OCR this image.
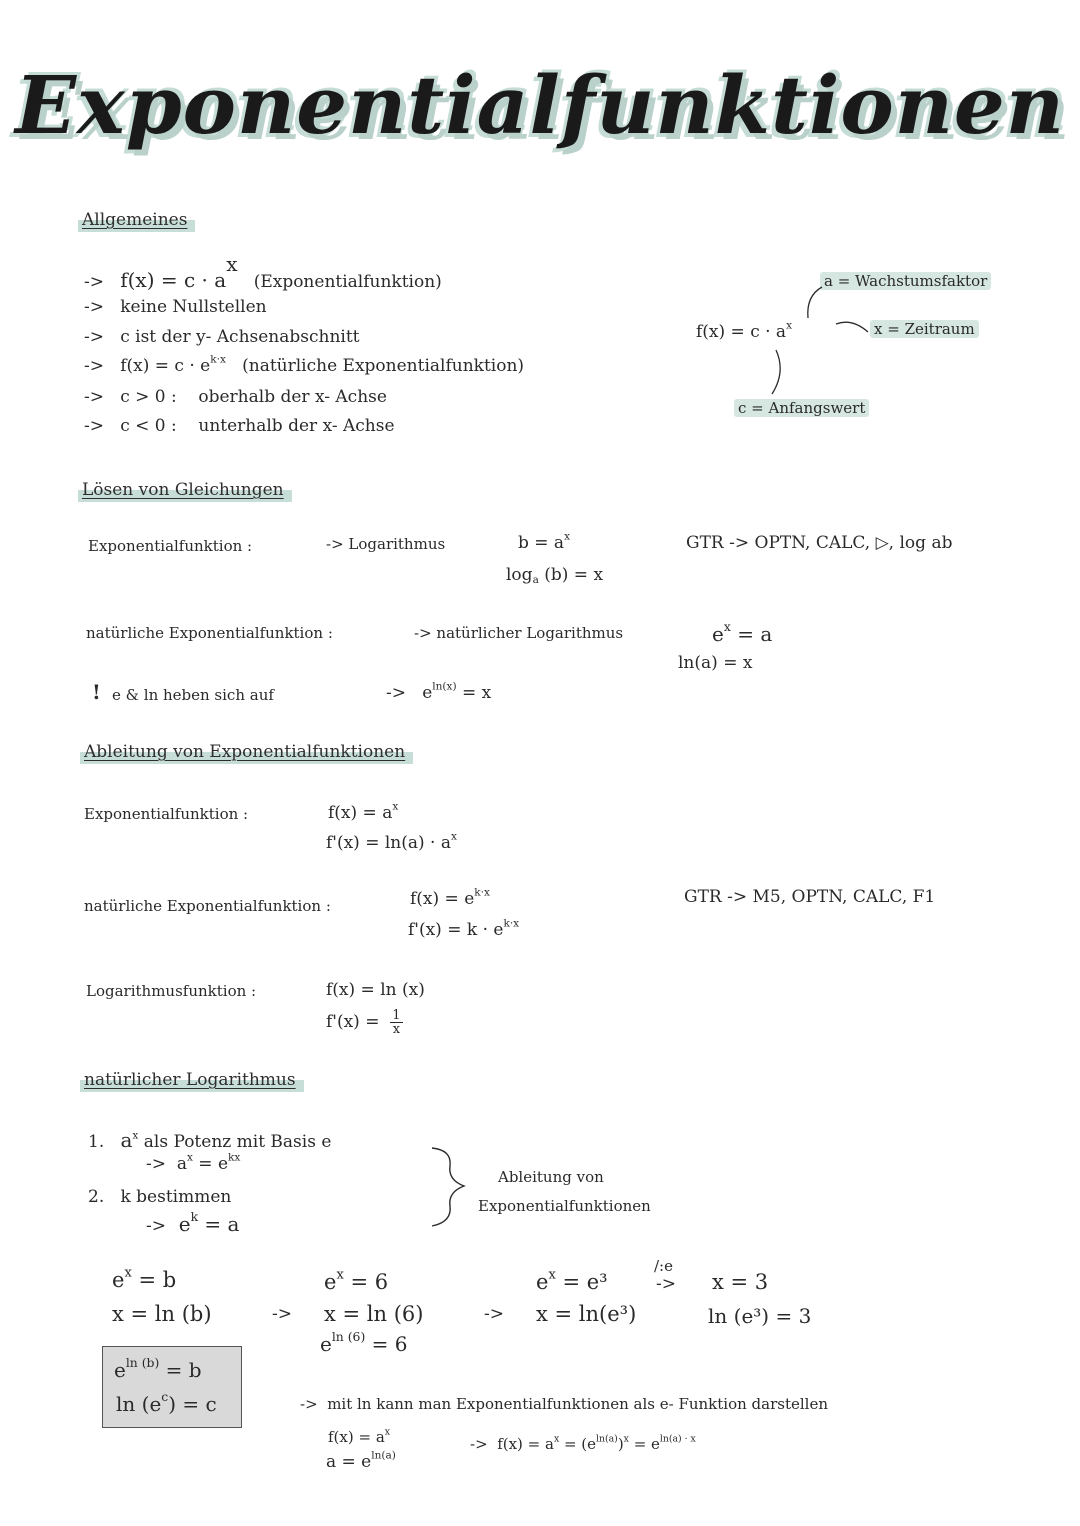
Exponentialfunktionen
Allgemeines
-> $f(x) = c \cdot a^x$   (Exponentialfunktion)
-> keine Nullstellen
-> c ist der y- Achsenabschnitt
-> $f(x) = c \cdot e^{k\cdot x}$ (natürliche Exponentialfunktion)
-> c > 0 : oberhalb der x- Achse
-> c < 0 : unterhalb der x- Achse
a = Wachstumsfaktor
x = Zeitraum
c = Anfangswert
$f(x) = c \cdot a^x$
Lösen von Gleichungen
Exponentialfunktion :	-> Logarithmus	$b = a^x$
$\log_a (b) = x$
GTR -> OPTN, CALC, ▷, log ab
natürliche Exponentialfunktion :	-> natürlicher Logarithmus	$e^x = a$
ln(a) = x
! e & ln heben sich auf	-> $e^{ln(x)} = x$
Ableitung von Exponentialfunktionen
Exponentialfunktion :	$f(x) = a^x$
$f'(x) = \ln(a) \cdot a^x$
natürliche Exponentialfunktion :	$f(x) = e^{k\cdot x}$
$f'(x) = k \cdot e^{k\cdot x}$
GTR -> M5, OPTN, CALC, F1
Logarithmusfunktion :	f(x) = ln (x)
$f'(x) = \frac{1}{x}$
natürlicher Logarithmus
1. $a^x$ als Potenz mit Basis e
-> $a^x = e^{kx}$
2. k bestimmen
-> $e^k = a$
Ableitung von
Exponentialfunktionen
$e^x = b$
x = ln (b)	->
$e^x = 6$
x = ln (6)
$e^{ln (6)} = 6$
->
$e^x = e^3$
/:e
-> x = 3
x = ln(e³)	ln (e³) = 3
$e^{ln (b)} = b$
$\ln (e^c) = c$	-> mit ln kann man Exponentialfunktionen als e- Funktion darstellen
$f(x) = a^x$
$a = e^{ln(a)}$
-> $f(x) = a^x = (e^{ln(a)})^x = e^{ln(a) \cdot x}$
